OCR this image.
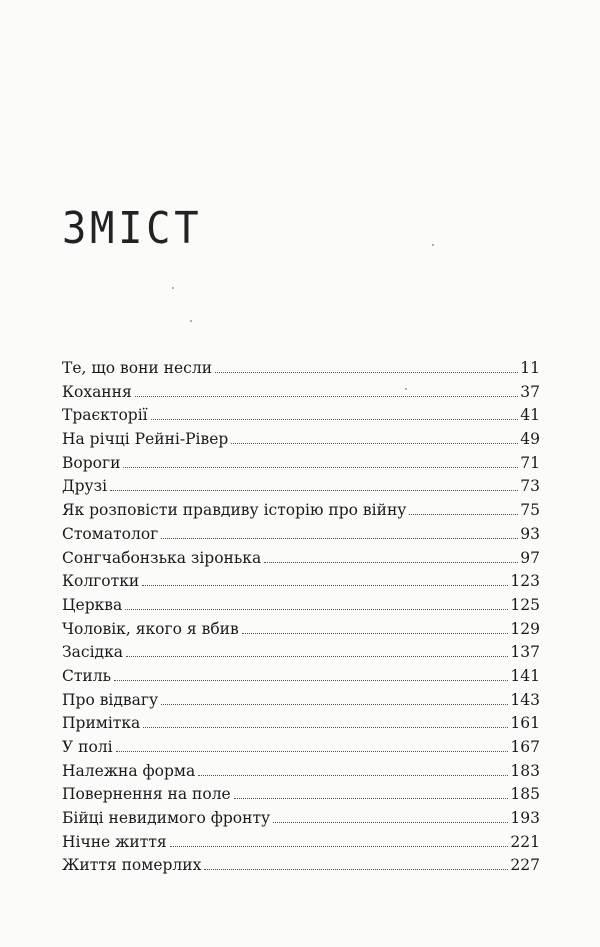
ЗМІСТ
Те, що вони несли	11
Кохання	37
Траєкторії	41
На річці Рейні-Рівер	49
Вороги	71
Друзі	73
Як розповісти правдиву історію про війну	75
Стоматолог	93
Сонгчабонзька зіронька	97
Колготки	123
Церква	125
Чоловік, якого я вбив	129
Засідка	137
Стиль	141
Про відвагу	143
Примітка	161
У полі	167
Належна форма	183
Повернення на поле	185
Бійці невидимого фронту	193
Нічне життя	221
Життя померлих	227
